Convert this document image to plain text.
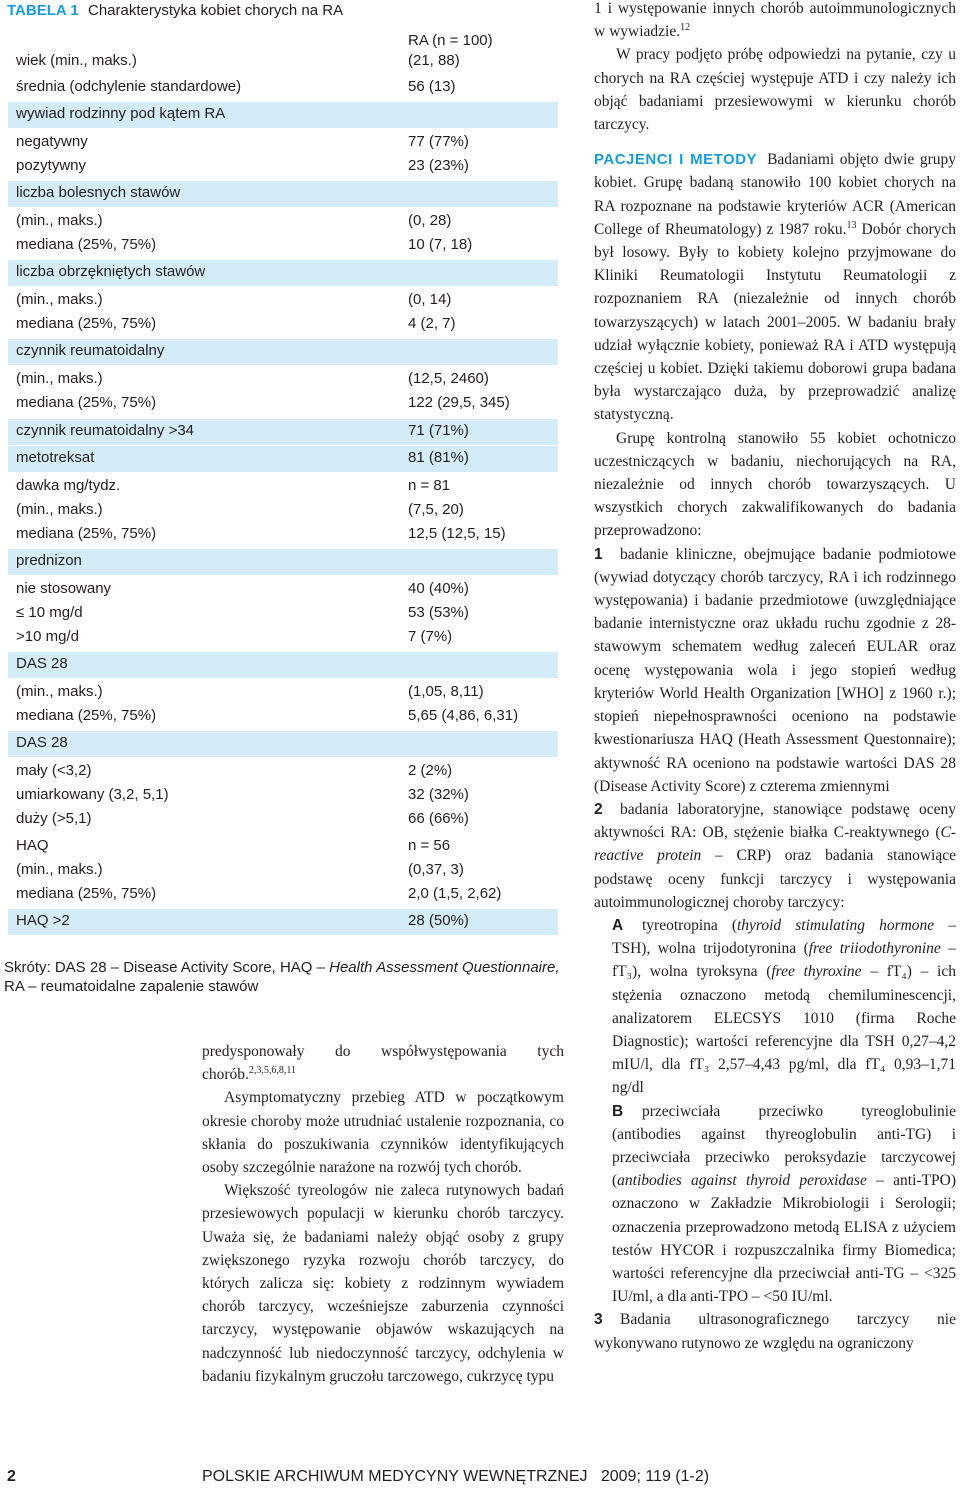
TABELA 1 Charakterystyka kobiet chorych na RA
RA (n = 100)
wiek (min., maks.)	(21, 88)
średnia (odchylenie standardowe)	56 (13)
wywiad rodzinny pod kątem RA
negatywny	77 (77%)
pozytywny	23 (23%)
liczba bolesnych stawów
(min., maks.)	(0, 28)
mediana (25%, 75%)	10 (7, 18)
liczba obrzękniętych stawów
(min., maks.)	(0, 14)
mediana (25%, 75%)	4 (2, 7)
czynnik reumatoidalny
(min., maks.)	(12,5, 2460)
mediana (25%, 75%)	122 (29,5, 345)
czynnik reumatoidalny >34	71 (71%)
metotreksat	81 (81%)
dawka mg/tydz.	n = 81
(min., maks.)	(7,5, 20)
mediana (25%, 75%)	12,5 (12,5, 15)
prednizon
nie stosowany	40 (40%)
≤ 10 mg/d	53 (53%)
>10 mg/d	7 (7%)
DAS 28
(min., maks.)	(1,05, 8,11)
mediana (25%, 75%)	5,65 (4,86, 6,31)
DAS 28
mały (<3,2)	2 (2%)
umiarkowany (3,2, 5,1)	32 (32%)
duży (>5,1)	66 (66%)
HAQ	n = 56
(min., maks.)	(0,37, 3)
mediana (25%, 75%)	2,0 (1,5, 2,62)
HAQ >2	28 (50%)
Skróty: DAS 28 – Disease Activity Score, HAQ – Health Assessment Questionnaire, RA – reumatoidalne zapalenie stawów

predysponowały do współwystępowania tych chorób.$^{2,3,5,6,8,11}$

Asymptomatyczny przebieg ATD w początkowym okresie choroby może utrudniać ustalenie rozpoznania, co skłania do poszukiwania czynników identyfikujących osoby szczególnie narażone na rozwój tych chorób.

Większość tyreologów nie zaleca rutynowych badań przesiewowych populacji w kierunku chorób tarczycy. Uważa się, że badaniami należy objąć osoby z grupy zwiększonego ryzyka rozwoju chorób tarczycy, do których zalicza się: kobiety z rodzinnym wywiadem chorób tarczycy, wcześniejsze zaburzenia czynności tarczycy, występowanie objawów wskazujących na nadczynność lub niedoczynność tarczycy, odchylenia w badaniu fizykalnym gruczołu tarczowego, cukrzycę typu

1 i występowanie innych chorób autoimmunologicznych w wywiadzie.$^{12}$

W pracy podjęto próbę odpowiedzi na pytanie, czy u chorych na RA częściej występuje ATD i czy należy ich objąć badaniami przesiewowymi w kierunku chorób tarczycy.

PACJENCI I METODY Badaniami objęto dwie grupy kobiet. Grupę badaną stanowiło 100 kobiet chorych na RA rozpoznane na podstawie kryteriów ACR (American College of Rheumatology) z 1987 roku.$^{13}$ Dobór chorych był losowy. Były to kobiety kolejno przyjmowane do Kliniki Reumatologii Instytutu Reumatologii z rozpoznaniem RA (niezależnie od innych chorób towarzyszących) w latach 2001–2005. W badaniu brały udział wyłącznie kobiety, ponieważ RA i ATD występują częściej u kobiet. Dzięki takiemu doborowi grupa badana była wystarczająco duża, by przeprowadzić analizę statystyczną.

Grupę kontrolną stanowiło 55 kobiet ochotniczo uczestniczących w badaniu, niechorujących na RA, niezależnie od innych chorób towarzyszących. U wszystkich chorych zakwalifikowanych do badania przeprowadzono:

1 badanie kliniczne, obejmujące badanie podmiotowe (wywiad dotyczący chorób tarczycy, RA i ich rodzinnego występowania) i badanie przedmiotowe (uwzględniające badanie internistyczne oraz układu ruchu zgodnie z 28-stawowym schematem według zaleceń EULAR oraz ocenę występowania wola i jego stopień według kryteriów World Health Organization [WHO] z 1960 r.); stopień niepełnosprawności oceniono na podstawie kwestionariusza HAQ (Heath Assessment Questonnaire); aktywność RA oceniono na podstawie wartości DAS 28 (Disease Activity Score) z czterema zmiennymi

2 badania laboratoryjne, stanowiące podstawę oceny aktywności RA: OB, stężenie białka C-reaktywnego (C-reactive protein – CRP) oraz badania stanowiące podstawę oceny funkcji tarczycy i występowania autoimmunologicznej choroby tarczycy:

A tyreotropina (thyroid stimulating hormone – TSH), wolna trijodotyronina (free triiodothyronine – fT₃), wolna tyroksyna (free thyroxine – fT₄) – ich stężenia oznaczono metodą chemiluminescencji, analizatorem ELECSYS 1010 (firma Roche Diagnostic); wartości referencyjne dla TSH 0,27–4,2 mIU/l, dla fT₃ 2,57–4,43 pg/ml, dla fT₄ 0,93–1,71 ng/dl

B przeciwciała przeciwko tyreoglobulinie (antibodies against thyreoglobulin anti-TG) i przeciwciała przeciwko peroksydazie tarczycowej (antibodies against thyroid peroxidase – anti-TPO) oznaczono w Zakładzie Mikrobiologii i Serologii; oznaczenia przeprowadzono metodą ELISA z użyciem testów HYCOR i rozpuszczalnika firmy Biomedica; wartości referencyjne dla przeciwciał anti-TG – <325 IU/ml, a dla anti-TPO – <50 IU/ml.

3 Badania ultrasonograficznego tarczycy nie wykonywano rutynowo ze względu na ograniczony

2	POLSKIE ARCHIWUM MEDYCYNY WEWNĘTRZNEJ   2009; 119 (1-2)
